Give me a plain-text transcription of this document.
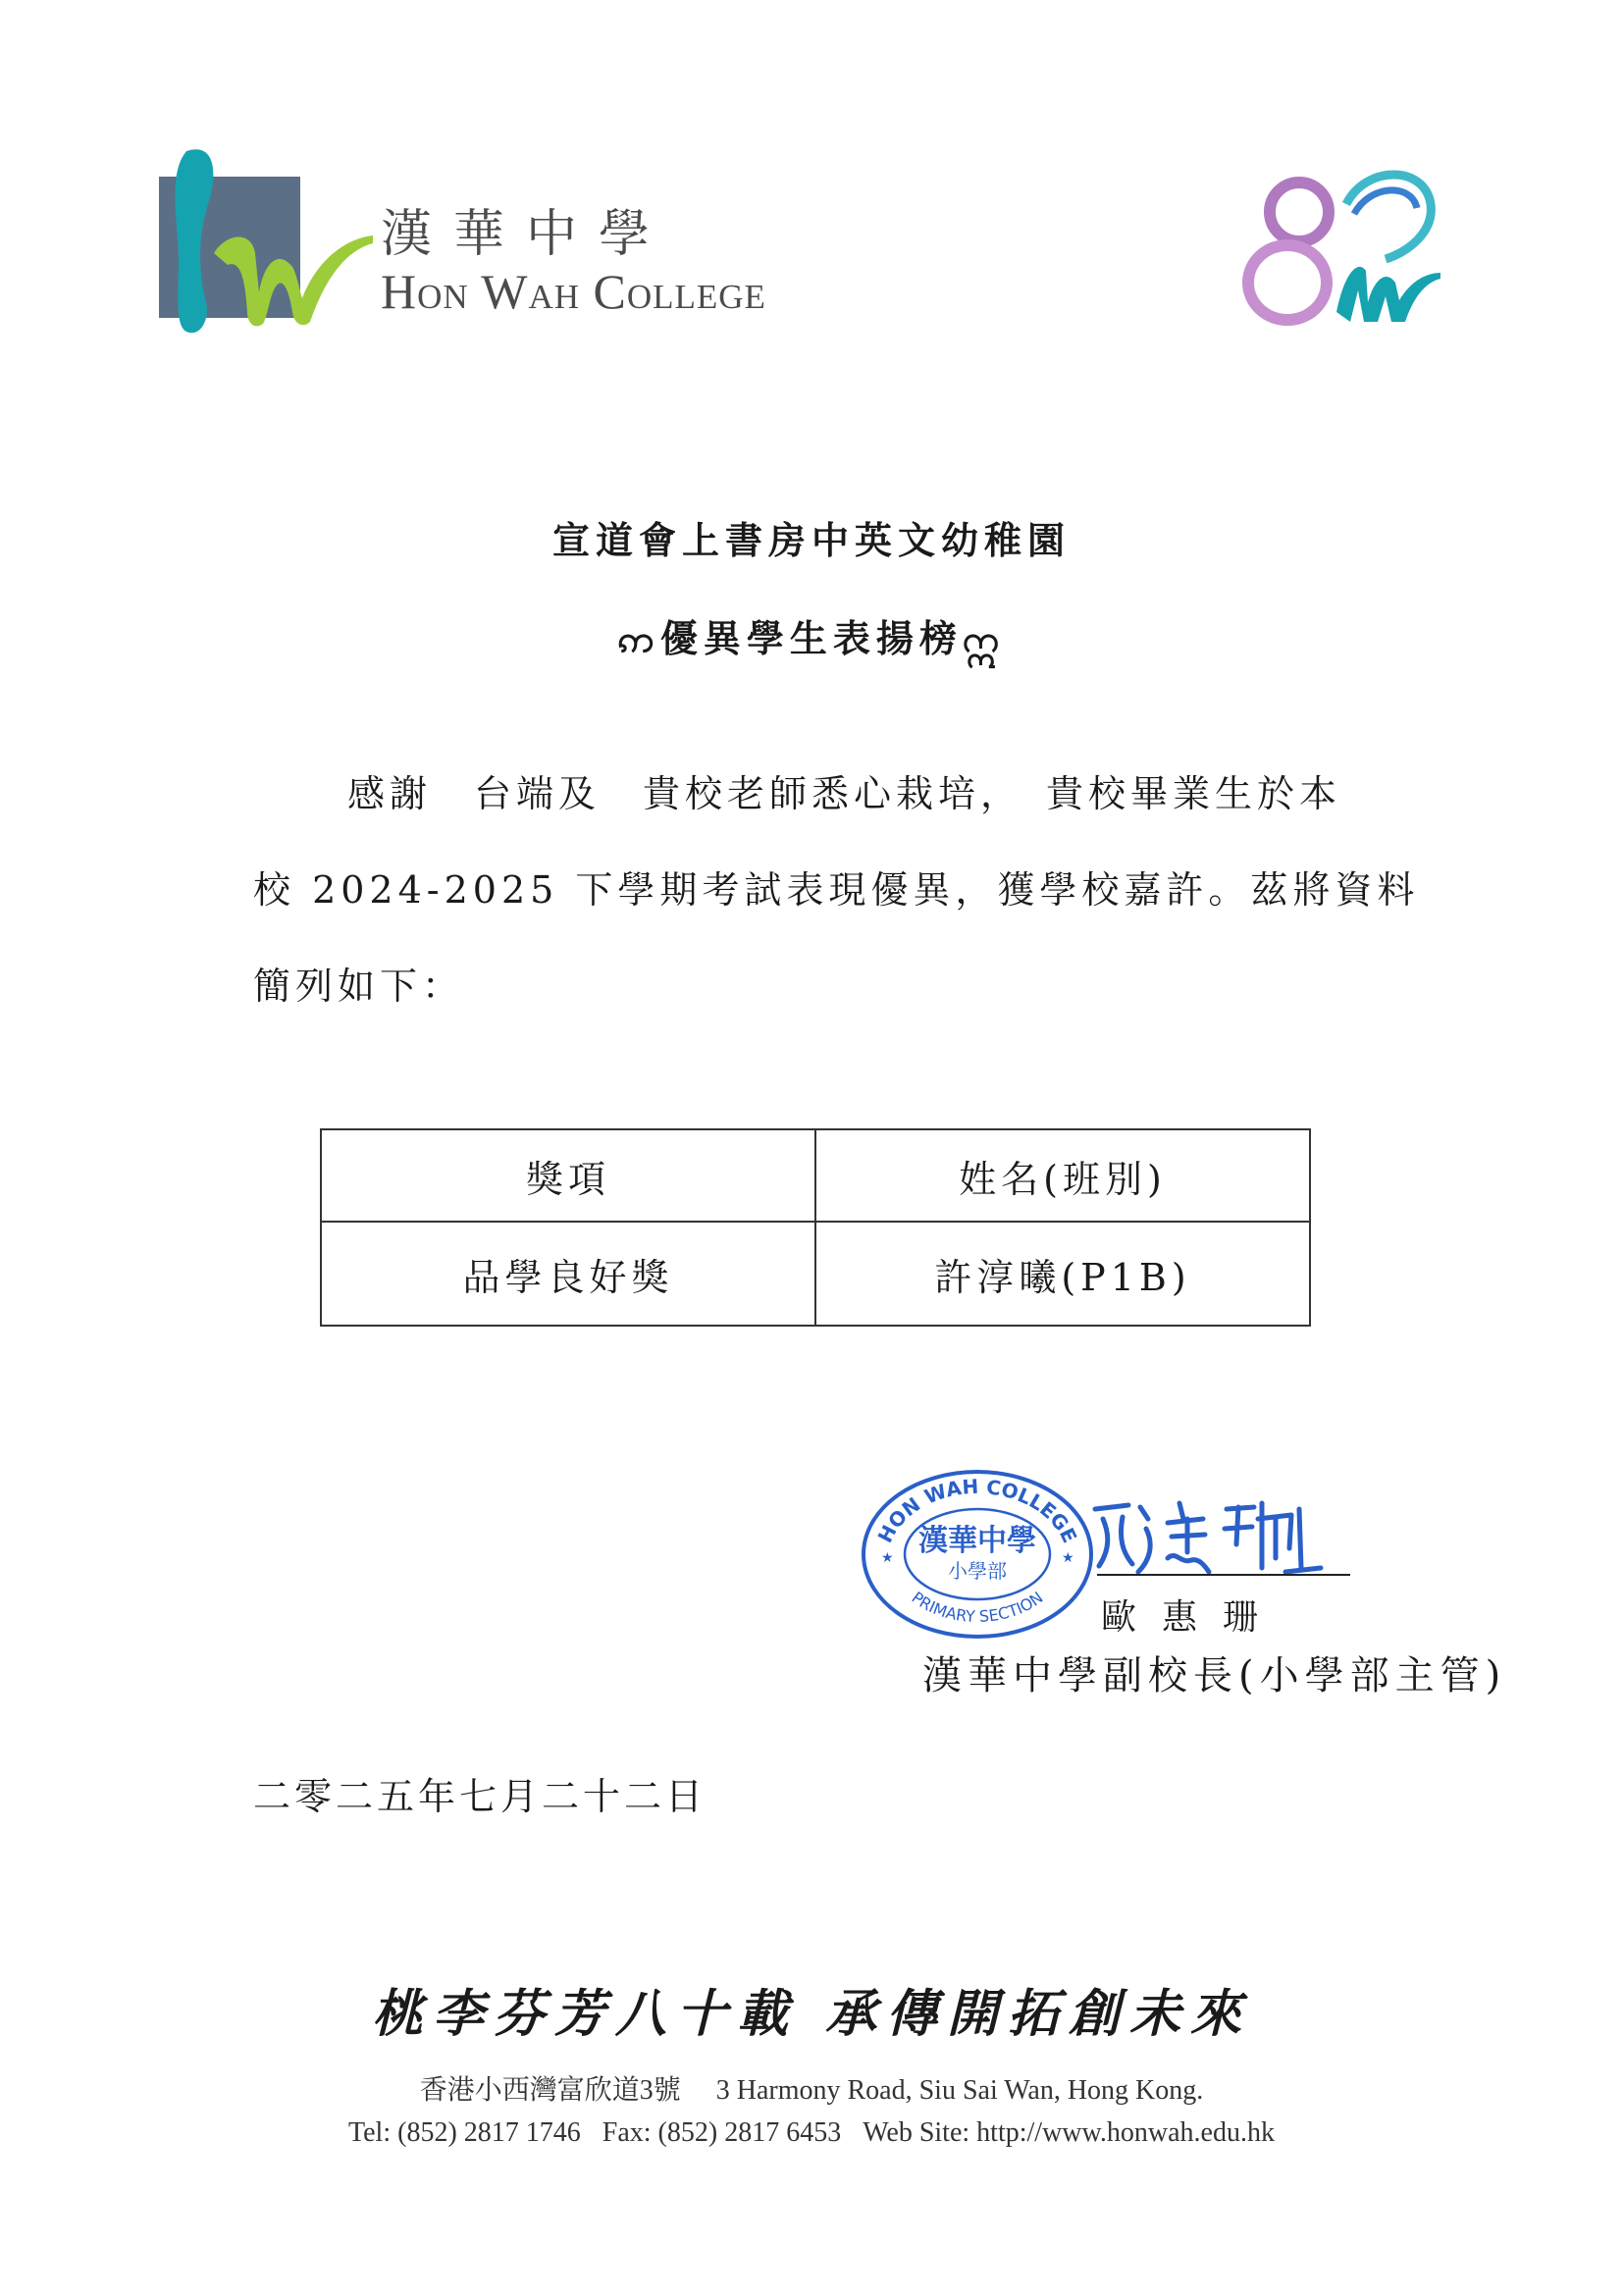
漢華中學
Hon Wah College
宣道會上書房中英文幼稚園
ဢ優異學生表揚榜ဣ
感謝　台端及　貴校老師悉心栽培，　貴校畢業生於本
校 2024-2025 下學期考試表現優異，獲學校嘉許。茲將資料
簡列如下：
獎項	姓名(班別)
品學良好獎	許淳曦(P1B)
HON WAH COLLEGE
PRIMARY SECTION
漢華中學
小學部
★	★
歐惠珊
漢華中學副校長(小學部主管)
二零二五年七月二十二日
桃李芬芳八十載 承傳開拓創未來
香港小西灣富欣道3號 3 Harmony Road, Siu Sai Wan, Hong Kong.
Tel: (852) 2817 1746 Fax: (852) 2817 6453 Web Site: http://www.honwah.edu.hk
